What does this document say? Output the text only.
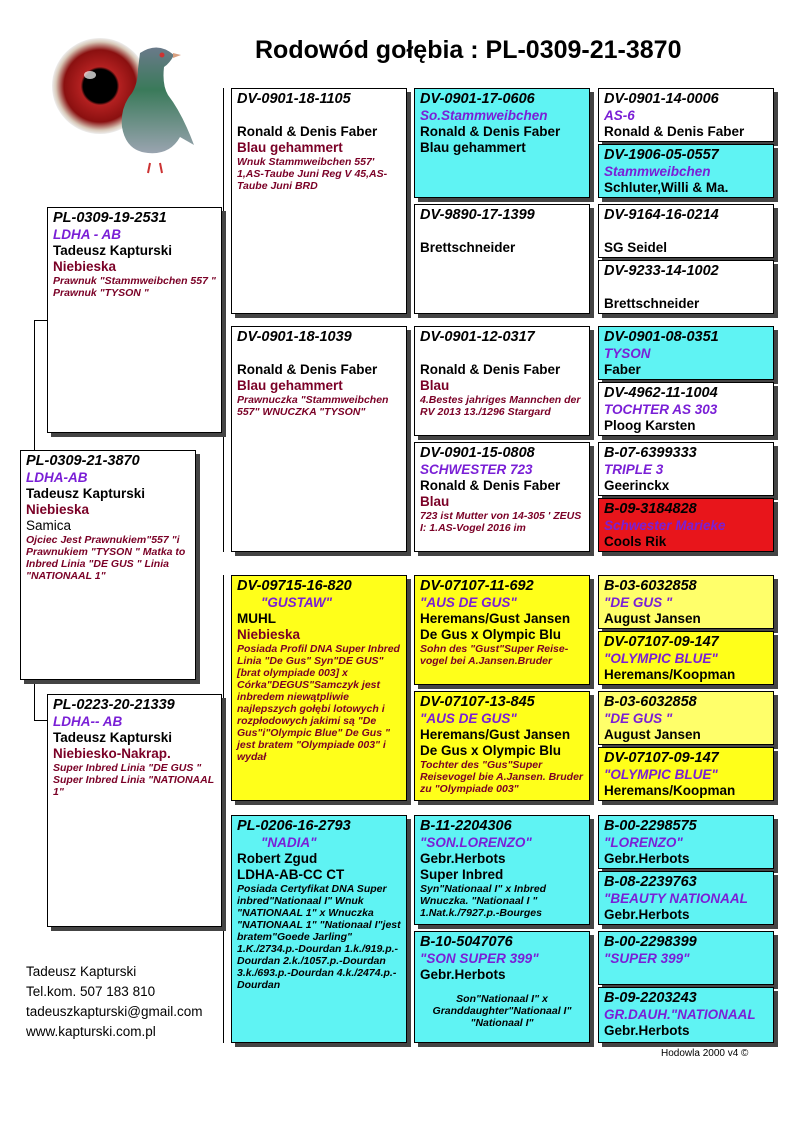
Rodowód gołębia : PL-0309-21-3870
PL-0309-21-3870
LDHA-AB
Tadeusz Kapturski
Niebieska
Samica
Ojciec Jest Prawnukiem"557 "i Prawnukiem "TYSON " Matka to Inbred Linia "DE GUS " Linia "NATIONAAL 1"
PL-0309-19-2531
LDHA - AB
Tadeusz Kapturski
Niebieska
Prawnuk "Stammweibchen 557 " Prawnuk "TYSON "
PL-0223-20-21339
LDHA-- AB
Tadeusz Kapturski
Niebiesko-Nakrap.
Super Inbred Linia "DE GUS " Super Inbred Linia "NATIONAAL 1"
DV-0901-18-1105
Ronald & Denis Faber
Blau gehammert
Wnuk Stammweibchen 557' 1,AS-Taube Juni Reg V 45,AS-Taube Juni BRD
DV-0901-18-1039
Ronald & Denis Faber
Blau gehammert
Prawnuczka "Stammweibchen 557" WNUCZKA "TYSON"
DV-09715-16-820
"GUSTAW"
MUHL
Niebieska
Posiada Profil DNA Super Inbred Linia "De Gus" Syn"DE GUS" [brat olympiade 003] x Córka"DEGUS"Samczyk jest inbredem niewątpliwie najlepszych gołębi lotowych i rozpłodowych jakimi są "De Gus"i"Olympic Blue" De Gus " jest bratem "Olympiade 003" i wydał
PL-0206-16-2793
"NADIA"
Robert Zgud
LDHA-AB-CC CT
Posiada Certyfikat DNA Super inbred"Nationaal I" Wnuk "NATIONAAL 1" x Wnuczka "NATIONAAL 1" "Nationaal I"jest bratem"Goede Jarling" 1.K./2734.p.-Dourdan 1.k./919.p.-Dourdan 2.k./1057.p.-Dourdan 3.k./693.p.-Dourdan 4.k./2474.p.-Dourdan
DV-0901-17-0606
So.Stammweibchen
Ronald & Denis Faber
Blau gehammert
DV-9890-17-1399
Brettschneider
DV-0901-12-0317
Ronald & Denis Faber
Blau
4.Bestes jahriges Mannchen der RV 2013 13./1296 Stargard
DV-0901-15-0808
SCHWESTER 723
Ronald & Denis Faber
Blau
723 ist Mutter von 14-305 ' ZEUS I: 1.AS-Vogel 2016 im
DV-07107-11-692
"AUS DE GUS"
Heremans/Gust Jansen
De Gus x Olympic Blu
Sohn des "Gust"Super Reise- vogel bei A.Jansen.Bruder
DV-07107-13-845
"AUS DE GUS"
Heremans/Gust Jansen
De Gus x Olympic Blu
Tochter des "Gus"Super Reisevogel bie A.Jansen. Bruder zu "Olympiade 003"
B-11-2204306
"SON.LORENZO"
Gebr.Herbots
Super Inbred
Syn"Nationaal I" x Inbred Wnuczka. "Nationaal I " 1.Nat.k./7927.p.-Bourges
B-10-5047076
"SON SUPER 399"
Gebr.Herbots
Son"Nationaal I" x Granddaughter"Nationaal I" "Nationaal I"
DV-0901-14-0006
AS-6
Ronald & Denis Faber
DV-1906-05-0557
Stammweibchen
Schluter,Willi & Ma.
DV-9164-16-0214
SG Seidel
DV-9233-14-1002
Brettschneider
DV-0901-08-0351
TYSON
Faber
DV-4962-11-1004
TOCHTER AS 303
Ploog Karsten
B-07-6399333
TRIPLE 3
Geerinckx
B-09-3184828
Schwester Marieke
Cools Rik
B-03-6032858
"DE GUS "
August Jansen
DV-07107-09-147
"OLYMPIC BLUE"
Heremans/Koopman
B-03-6032858
"DE GUS "
August Jansen
DV-07107-09-147
"OLYMPIC BLUE"
Heremans/Koopman
B-00-2298575
"LORENZO"
Gebr.Herbots
B-08-2239763
"BEAUTY NATIONAAL
Gebr.Herbots
B-00-2298399
"SUPER 399"
B-09-2203243
GR.DAUH."NATIONAAL
Gebr.Herbots
Tadeusz Kapturski
Tel.kom. 507 183 810
tadeuszkapturski@gmail.com
www.kapturski.com.pl
Hodowla 2000 v4 ©
